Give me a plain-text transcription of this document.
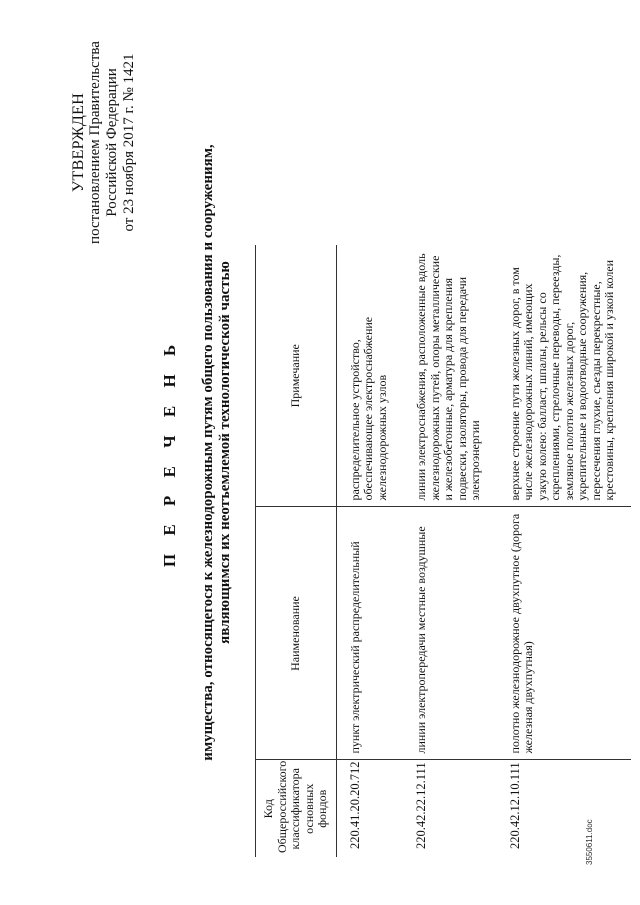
УТВЕРЖДЕН постановлением Правительства Российской Федерации от 23 ноября 2017 г. № 1421
П Е Р Е Ч Е Н Ь имущества, относящегося к железнодорожным путям общего пользования и сооружениям, являющимся их неотъемлемой технологической частью
Код Общероссийского классификатора основных фондов	Наименование	Примечание
220.41.20.20.712	пункт электрический распределительный	распределительное устройство, обеспечивающее электроснабжение железнодорожных узлов
220.42.22.12.111	линии электропередачи местные воздушные	линии электроснабжения, расположенные вдоль железнодорожных путей, опоры металлические и железобетонные, арматура для крепления подвески, изоляторы, провода для передачи электроэнергии
220.42.12.10.111	полотно железнодорожное двухпутное (дорога железная двухпутная)	верхнее строение пути железных дорог, в том числе железнодорожных линий, имеющих узкую колею: балласт, шпалы, рельсы со скреплениями, стрелочные переводы, переезды, земляное полотно железных дорог, укрепительные и водоотводные сооружения, пересечения глухие, съезды перекрестные, крестовины, крепления широкой и узкой колеи
3550611.doc
